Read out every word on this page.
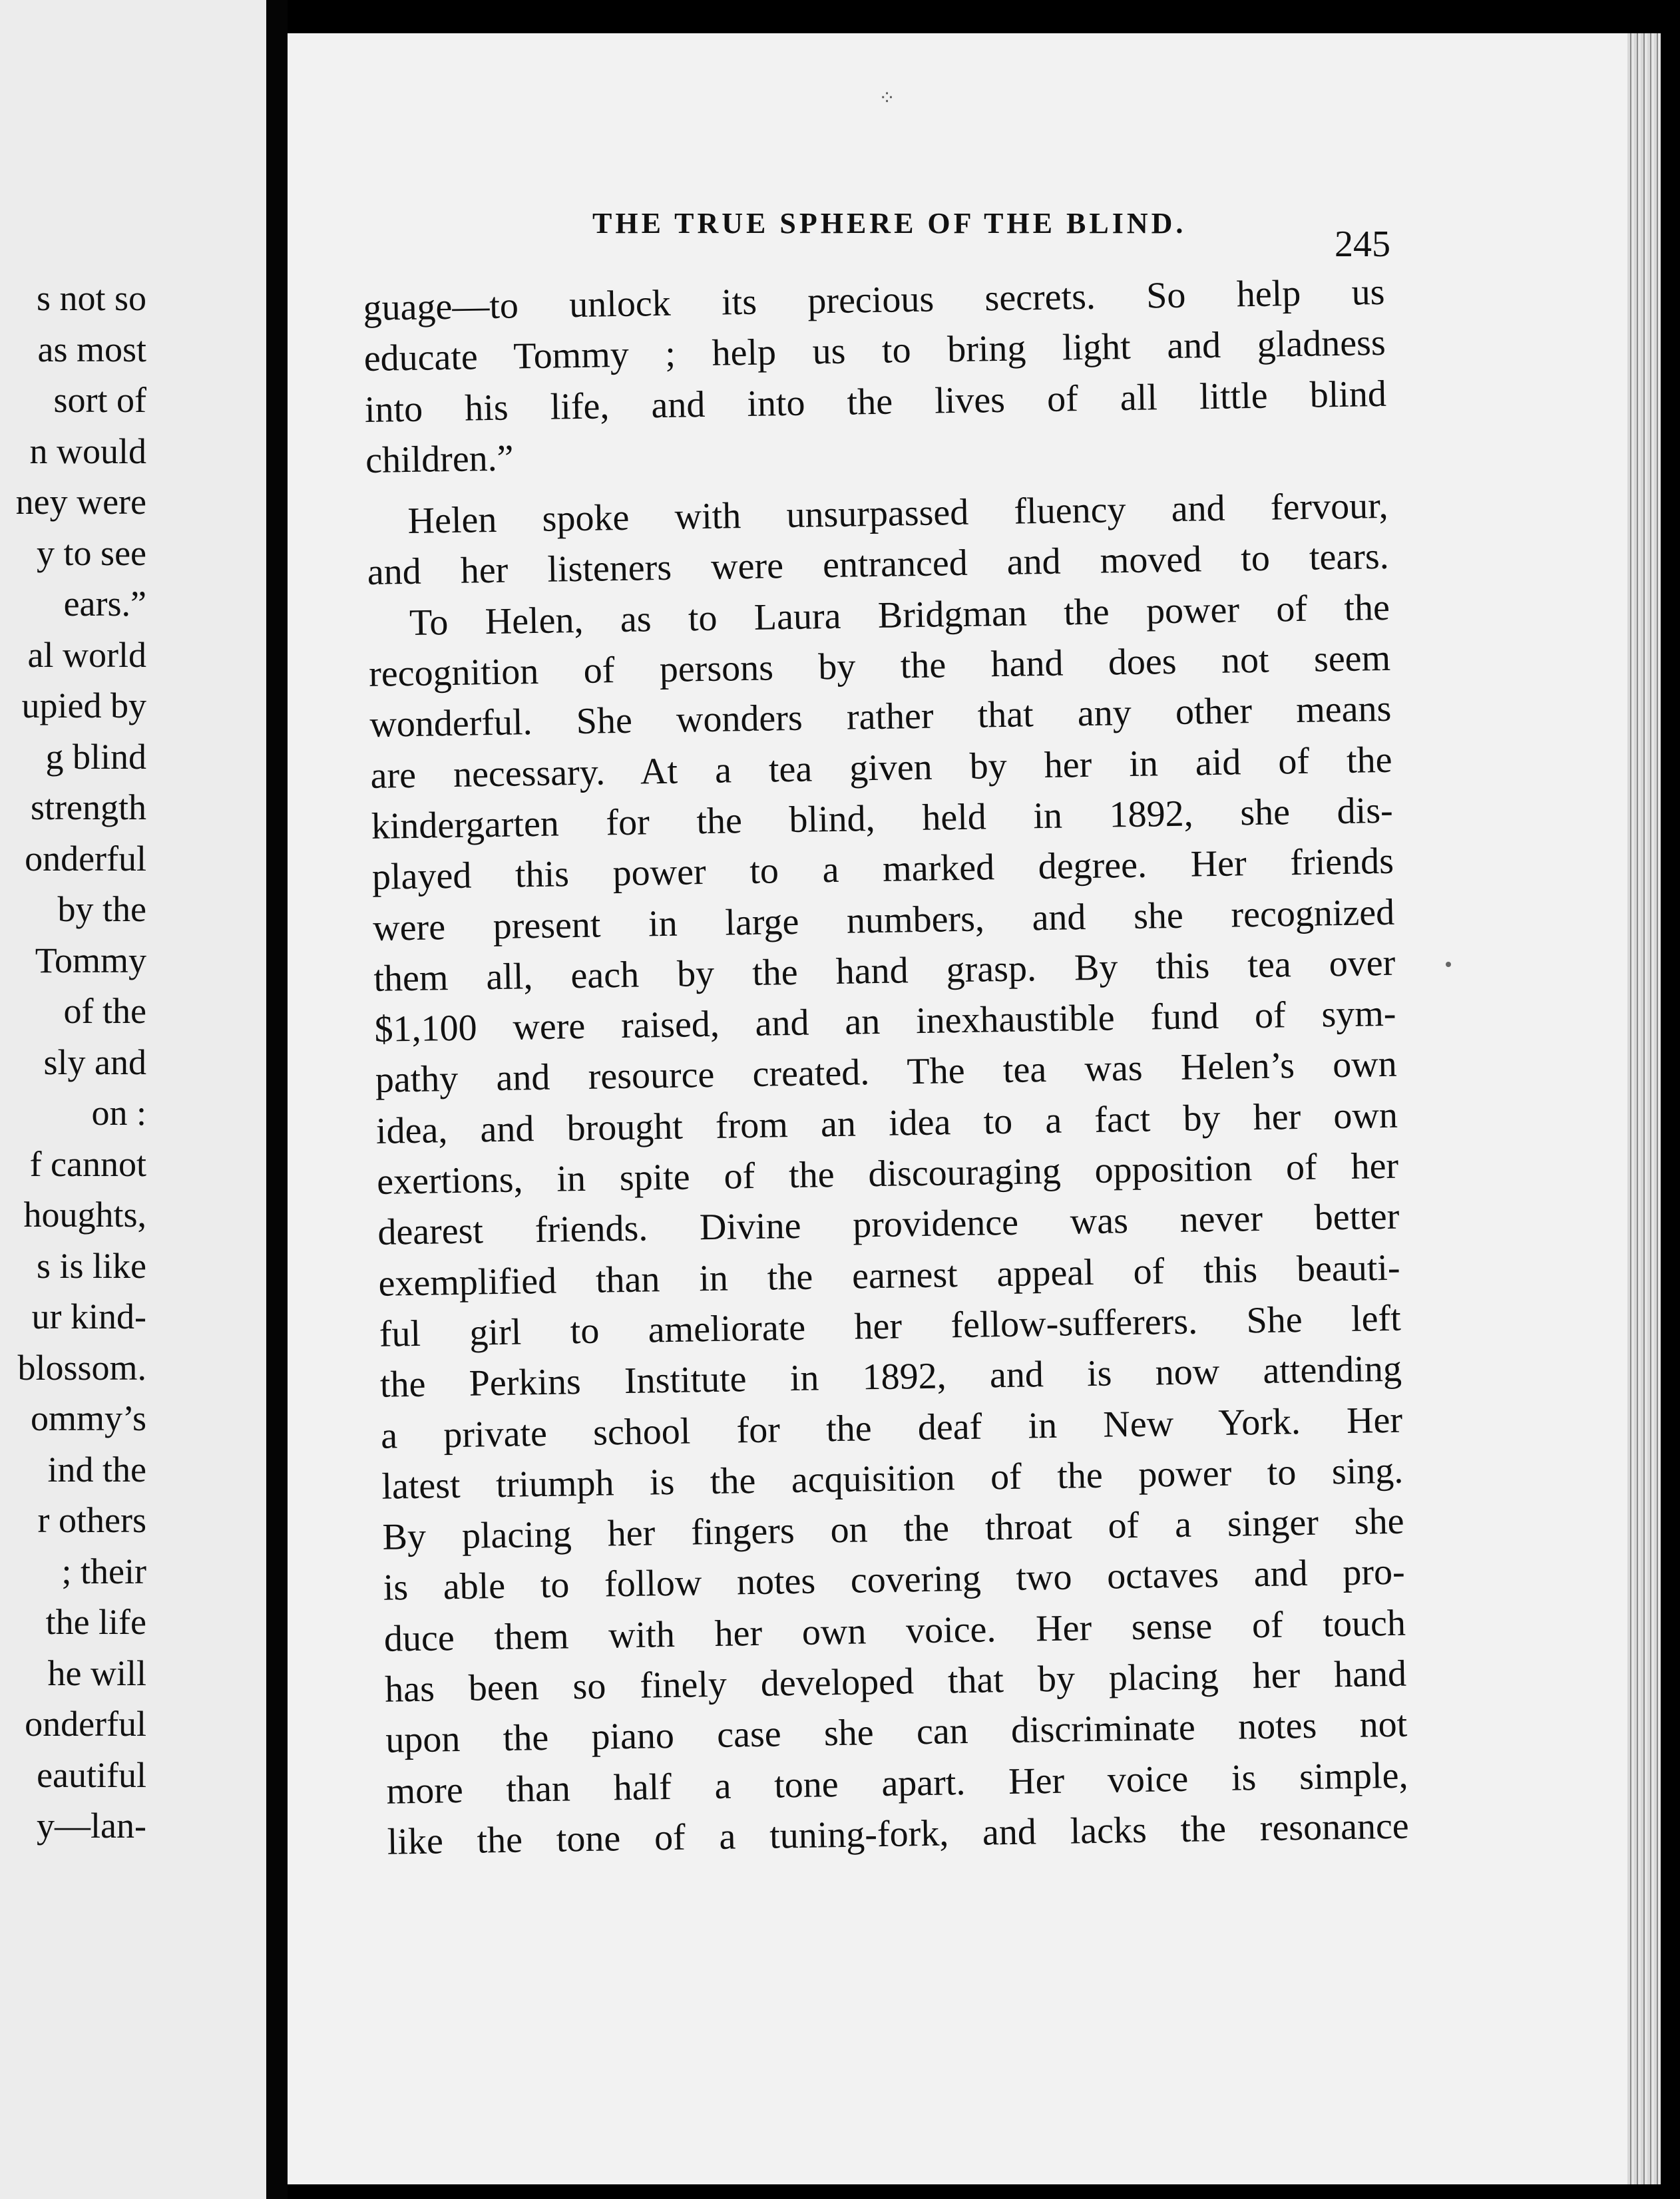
s not so
as most
sort of
n would
ney were
y to see
ears.”
al world
upied by
g blind
strength
onderful
by the
Tommy
of the
sly and
on :
f cannot
houghts,
s is like
ur kind-
blossom.
ommy’s
ind the
r others
; their
the life
he will
onderful
eautiful
y—lan-
⁘
THE TRUE SPHERE OF THE BLIND.
245
guage—to unlock its precious secrets. So help us
educate Tommy ; help us to bring light and gladness
into his life, and into the lives of all little blind
children.”
Helen spoke with unsurpassed fluency and fervour,
and her listeners were entranced and moved to tears.
To Helen, as to Laura Bridgman the power of the
recognition of persons by the hand does not seem
wonderful. She wonders rather that any other means
are necessary. At a tea given by her in aid of the
kindergarten for the blind, held in 1892, she dis-
played this power to a marked degree. Her friends
were present in large numbers, and she recognized
them all, each by the hand grasp. By this tea over
$1,100 were raised, and an inexhaustible fund of sym-
pathy and resource created. The tea was Helen’s own
idea, and brought from an idea to a fact by her own
exertions, in spite of the discouraging opposition of her
dearest friends. Divine providence was never better
exemplified than in the earnest appeal of this beauti-
ful girl to ameliorate her fellow-sufferers. She left
the Perkins Institute in 1892, and is now attending
a private school for the deaf in New York. Her
latest triumph is the acquisition of the power to sing.
By placing her fingers on the throat of a singer she
is able to follow notes covering two octaves and pro-
duce them with her own voice. Her sense of touch
has been so finely developed that by placing her hand
upon the piano case she can discriminate notes not
more than half a tone apart. Her voice is simple,
like the tone of a tuning-fork, and lacks the resonance
